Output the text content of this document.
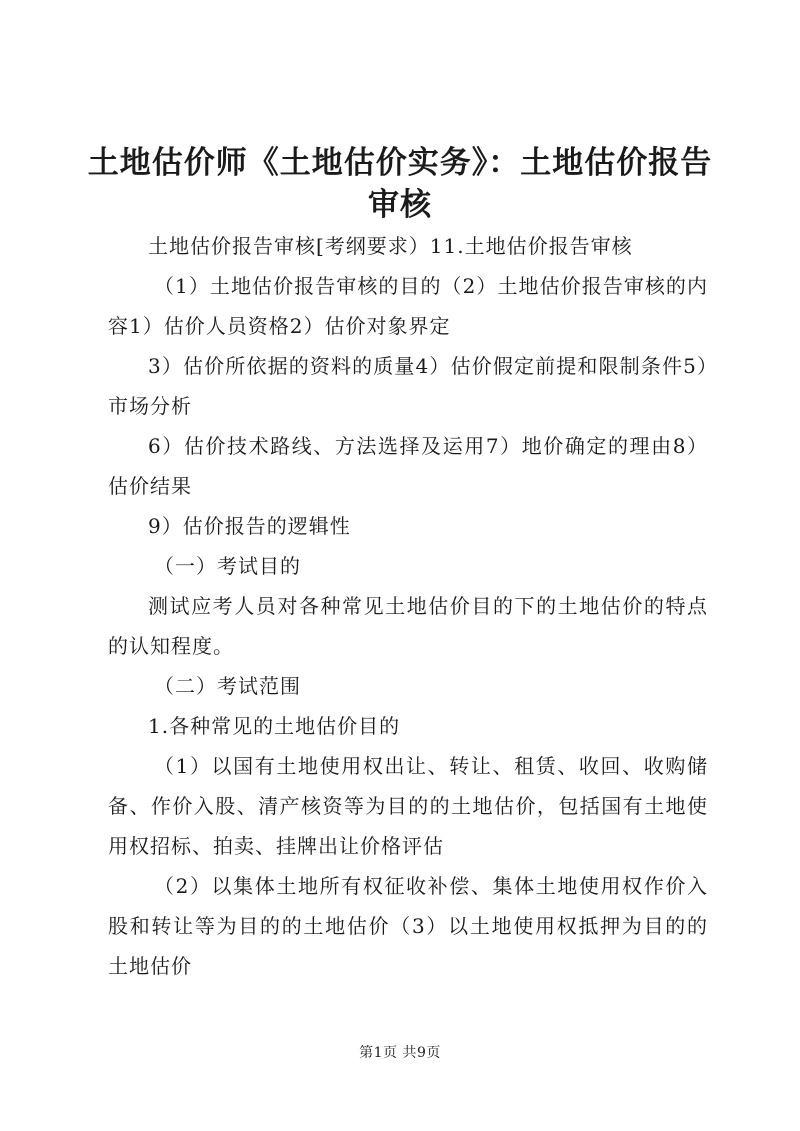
土地估价师《土地估价实务》：土地估价报告
审核

土地估价报告审核[考纲要求）11.土地估价报告审核

（1）土地估价报告审核的目的（2）土地估价报告审核的内容1）估价人员资格2）估价对象界定

3）估价所依据的资料的质量4）估价假定前提和限制条件5）市场分析

6）估价技术路线、方法选择及运用7）地价确定的理由8）估价结果

9）估价报告的逻辑性

（一）考试目的

测试应考人员对各种常见土地估价目的下的土地估价的特点的认知程度。

（二）考试范围

1.各种常见的土地估价目的

（1）以国有土地使用权出让、转让、租赁、收回、收购储备、作价入股、清产核资等为目的的土地估价，包括国有土地使用权招标、拍卖、挂牌出让价格评估

（2）以集体土地所有权征收补偿、集体土地使用权作价入股和转让等为目的的土地估价（3）以土地使用权抵押为目的的土地估价

第1页 共9页
